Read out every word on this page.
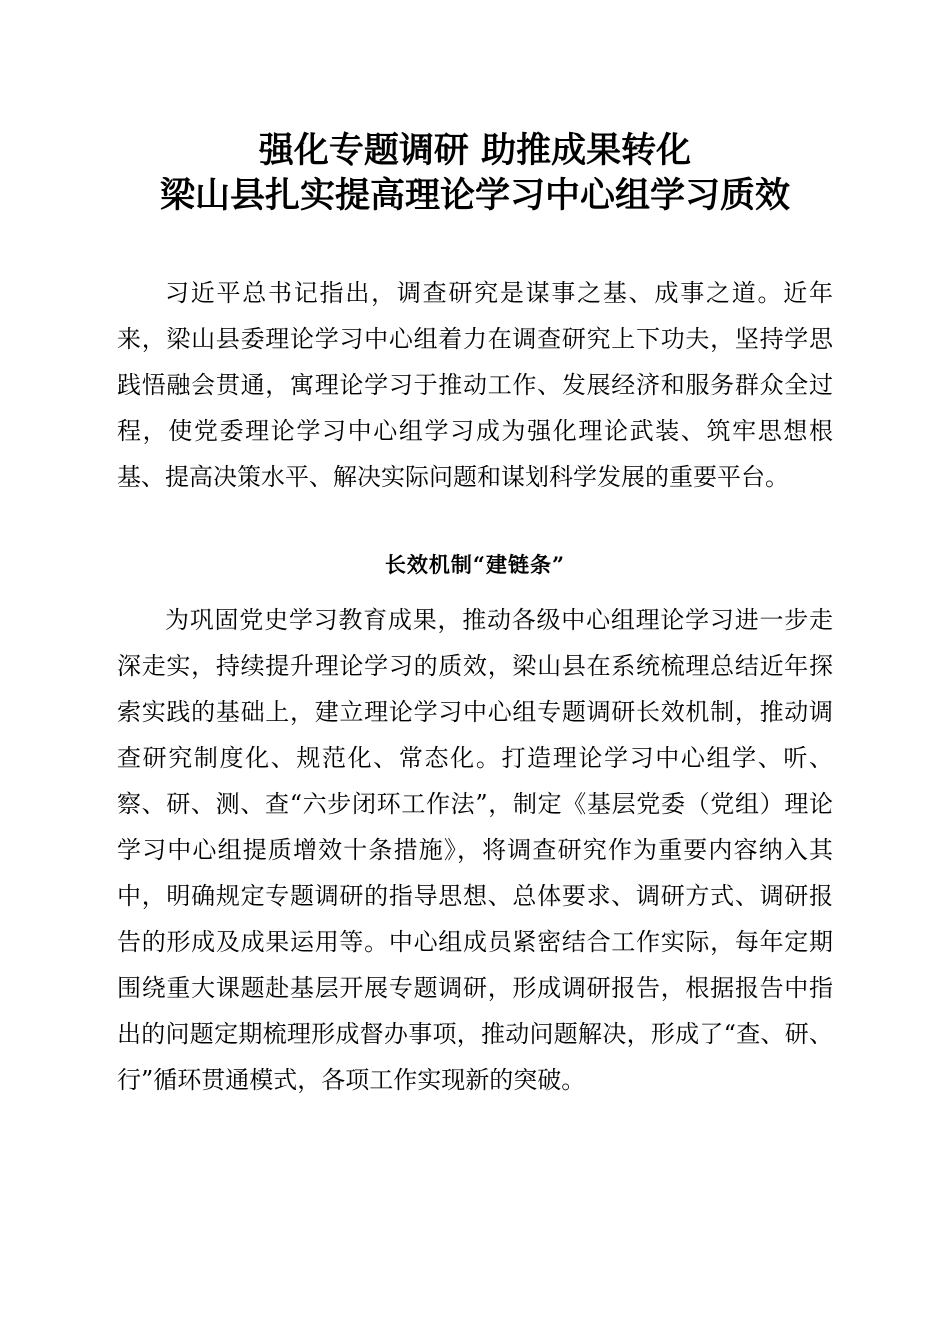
强化专题调研 助推成果转化
梁山县扎实提高理论学习中心组学习质效
习近平总书记指出，调查研究是谋事之基、成事之道。近年来，梁山县委理论学习中心组着力在调查研究上下功夫，坚持学思践悟融会贯通，寓理论学习于推动工作、发展经济和服务群众全过程，使党委理论学习中心组学习成为强化理论武装、筑牢思想根基、提高决策水平、解决实际问题和谋划科学发展的重要平台。
长效机制“建链条”
为巩固党史学习教育成果，推动各级中心组理论学习进一步走深走实，持续提升理论学习的质效，梁山县在系统梳理总结近年探索实践的基础上，建立理论学习中心组专题调研长效机制，推动调查研究制度化、规范化、常态化。打造理论学习中心组学、听、察、研、测、查“六步闭环工作法”，制定《基层党委（党组）理论学习中心组提质增效十条措施》，将调查研究作为重要内容纳入其中，明确规定专题调研的指导思想、总体要求、调研方式、调研报告的形成及成果运用等。中心组成员紧密结合工作实际，每年定期围绕重大课题赴基层开展专题调研，形成调研报告，根据报告中指出的问题定期梳理形成督办事项，推动问题解决，形成了“查、研、行”循环贯通模式，各项工作实现新的突破。
